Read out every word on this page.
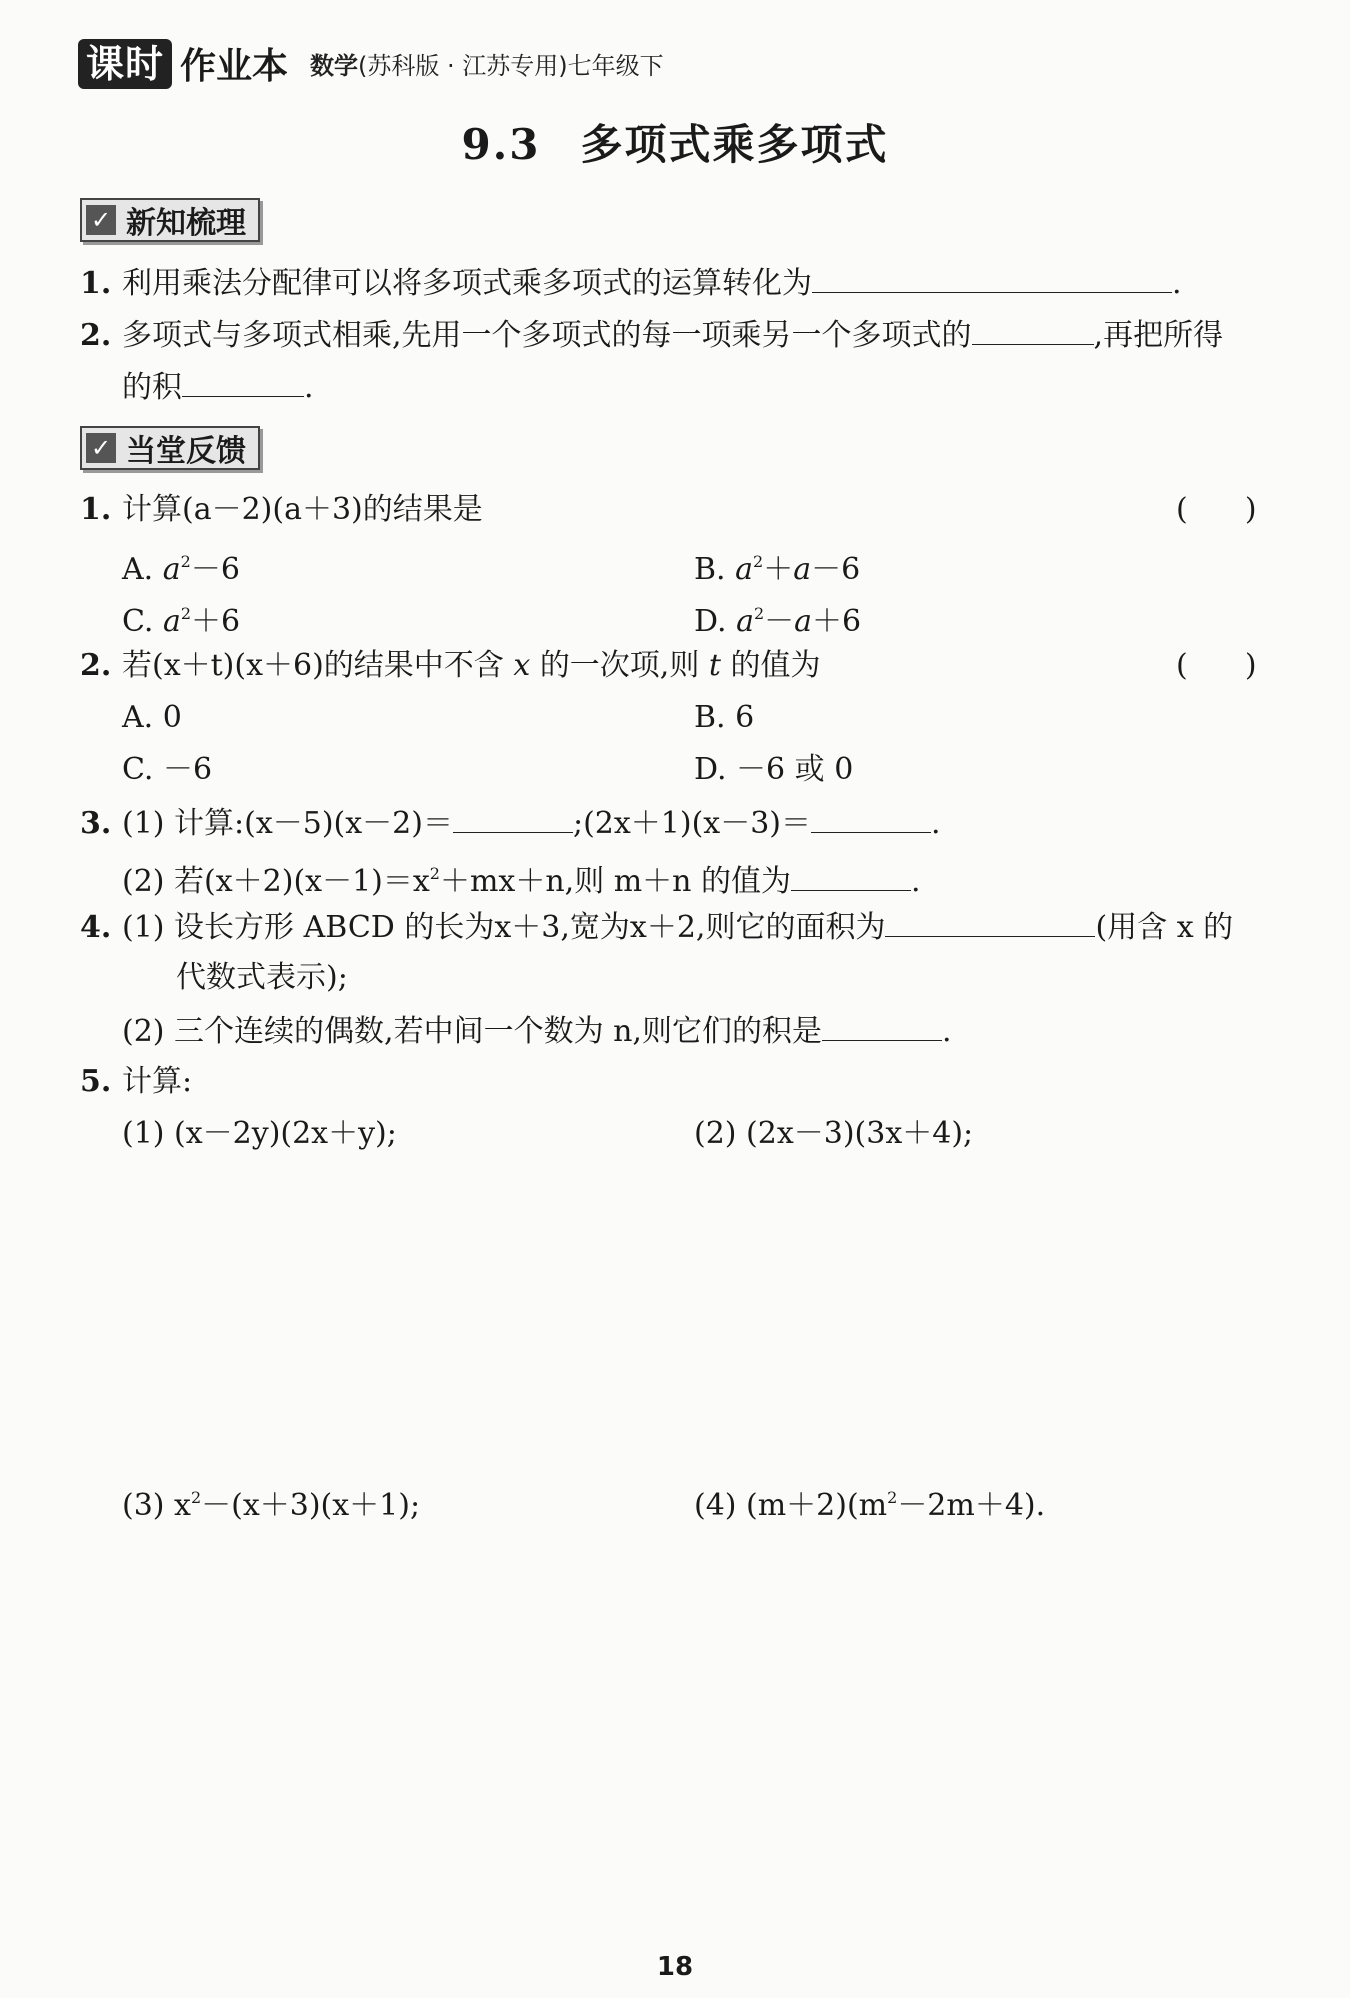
课时 作业本 数学(苏科版 · 江苏专用)七年级下
9.3 多项式乘多项式
✓ 新知梳理
1. 利用乘法分配律可以将多项式乘多项式的运算转化为	.
2. 多项式与多项式相乘,先用一个多项式的每一项乘另一个多项式的	,再把所得
的积	.
✓ 当堂反馈
1. 计算(a－2)(a＋3)的结果是	(      )
A. $a^2-6$	B. $a^2+a-6$
C. $a^2+6$	D. $a^2-a+6$
2. 若(x＋t)(x＋6)的结果中不含 x 的一次项,则 t 的值为	(      )
A. 0	B. 6
C. －6	D. －6 或 0
3. (1) 计算:(x－5)(x－2)＝	;(2x＋1)(x－3)＝	.
(2) 若$(x+2)(x-1)=x^2+mx+n$,则 m＋n 的值为	.
4. (1) 设长方形 ABCD 的长为x＋3,宽为x＋2,则它的面积为	(用含 x 的
代数式表示);
(2) 三个连续的偶数,若中间一个数为 n,则它们的积是	.
5. 计算:
(1) (x－2y)(2x＋y);	(2) (2x－3)(3x＋4);
(3) $x^2-(x+3)(x+1)$;	(4) $(m+2)(m^2-2m+4)$.
18
